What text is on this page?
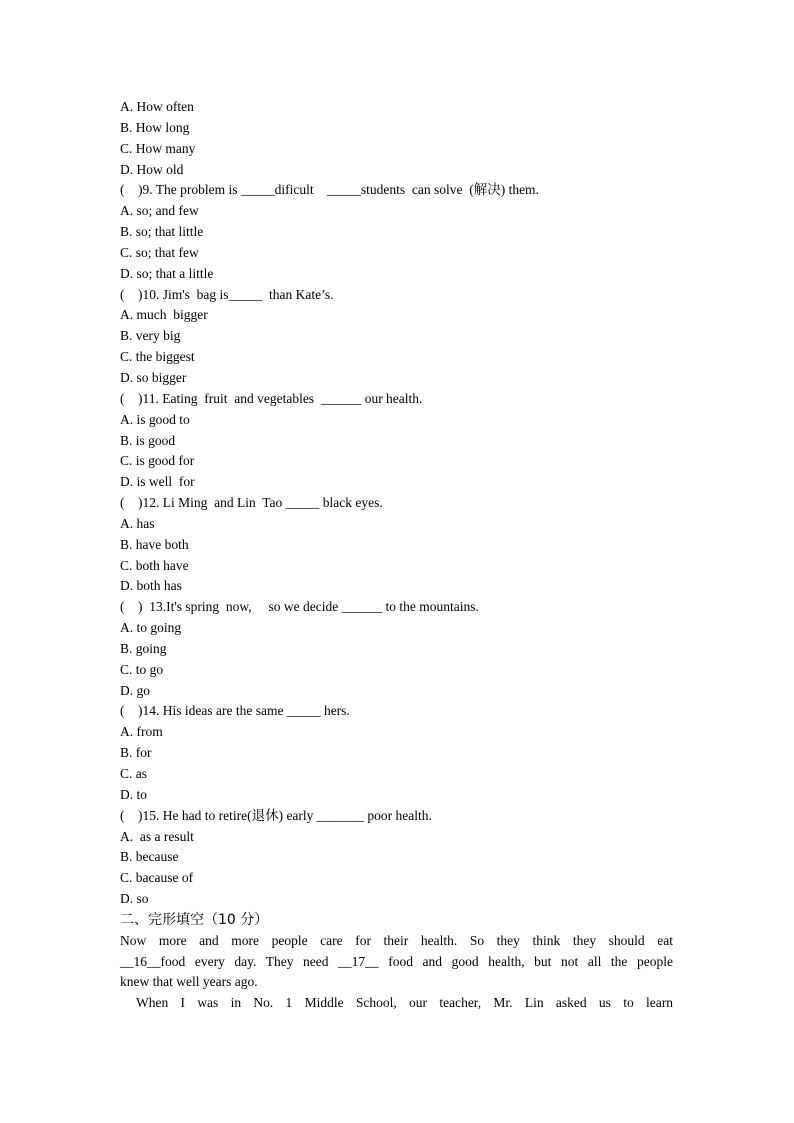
A. How often
B. How long
C. How many
D. How old
(    )9. The problem is _____dificult    _____students  can solve  (解决) them.
A. so; and few
B. so; that little
C. so; that few
D. so; that a little
(    )10. Jim's  bag is_____  than Kate’s.
A. much  bigger
B. very big
C. the biggest
D. so bigger
(    )11. Eating  fruit  and vegetables  ______ our health.
A. is good to
B. is good
C. is good for
D. is well  for
(    )12. Li Ming  and Lin  Tao _____ black eyes.
A. has
B. have both
C. both have
D. both has
(    )  13.It's spring  now,     so we decide ______ to the mountains.
A. to going
B. going
C. to go
D. go
(    )14. His ideas are the same _____ hers.
A. from
B. for
C. as
D. to
(    )15. He had to retire(退休) early _______ poor health.
A.  as a result
B. because
C. bacause of
D. so
二、完形填空（10 分）
Now more and more people care for their health. So they think they should eat
__16__food every day. They need __17__ food and good health, but not all the people
knew that well years ago.
When I was in No. 1 Middle School, our teacher, Mr. Lin asked us to learn
